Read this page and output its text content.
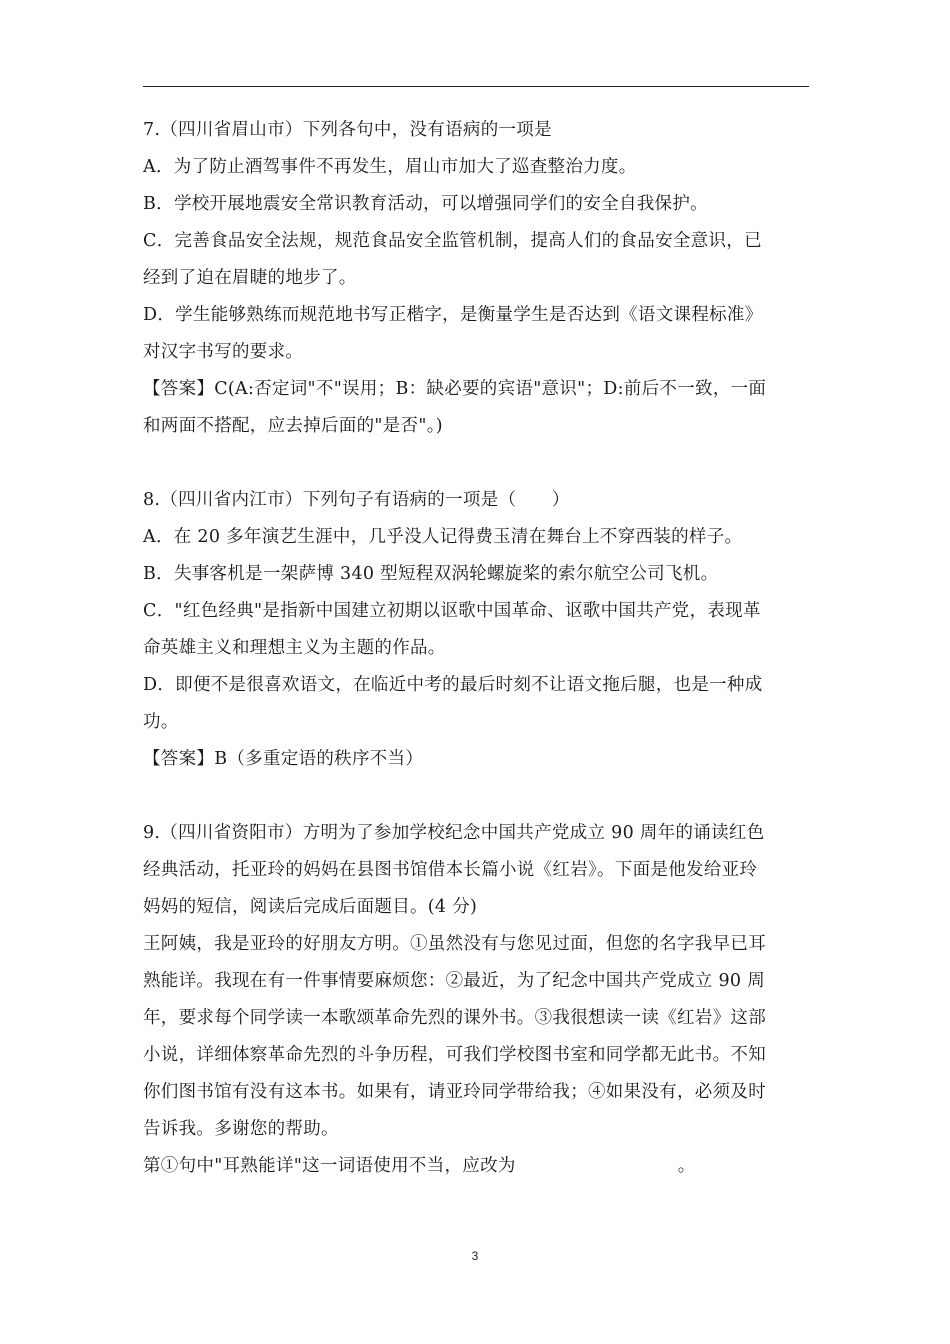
7.（四川省眉山市）下列各句中，没有语病的一项是
A．为了防止酒驾事件不再发生，眉山市加大了巡查整治力度。
B．学校开展地震安全常识教育活动，可以增强同学们的安全自我保护。
C．完善食品安全法规，规范食品安全监管机制，提高人们的食品安全意识，已
经到了迫在眉睫的地步了。
D．学生能够熟练而规范地书写正楷字，是衡量学生是否达到《语文课程标准》
对汉字书写的要求。
【答案】C(A:否定词"不"误用；B：缺必要的宾语"意识"；D:前后不一致，一面
和两面不搭配，应去掉后面的"是否"。)
8.（四川省内江市）下列句子有语病的一项是（　　）
A．在 20 多年演艺生涯中，几乎没人记得费玉清在舞台上不穿西装的样子。
B．失事客机是一架萨博 340 型短程双涡轮螺旋桨的索尔航空公司飞机。
C．"红色经典"是指新中国建立初期以讴歌中国革命、讴歌中国共产党，表现革
命英雄主义和理想主义为主题的作品。
D．即便不是很喜欢语文，在临近中考的最后时刻不让语文拖后腿，也是一种成
功。
【答案】B（多重定语的秩序不当）
9.（四川省资阳市）方明为了参加学校纪念中国共产党成立 90 周年的诵读红色
经典活动，托亚玲的妈妈在县图书馆借本长篇小说《红岩》。下面是他发给亚玲
妈妈的短信，阅读后完成后面题目。(4 分)
王阿姨，我是亚玲的好朋友方明。①虽然没有与您见过面，但您的名字我早已耳
熟能详。我现在有一件事情要麻烦您：②最近，为了纪念中国共产党成立 90 周
年，要求每个同学读一本歌颂革命先烈的课外书。③我很想读一读《红岩》这部
小说，详细体察革命先烈的斗争历程，可我们学校图书室和同学都无此书。不知
你们图书馆有没有这本书。如果有，请亚玲同学带给我；④如果没有，必须及时
告诉我。多谢您的帮助。
第①句中"耳熟能详"这一词语使用不当，应改为	。
3
